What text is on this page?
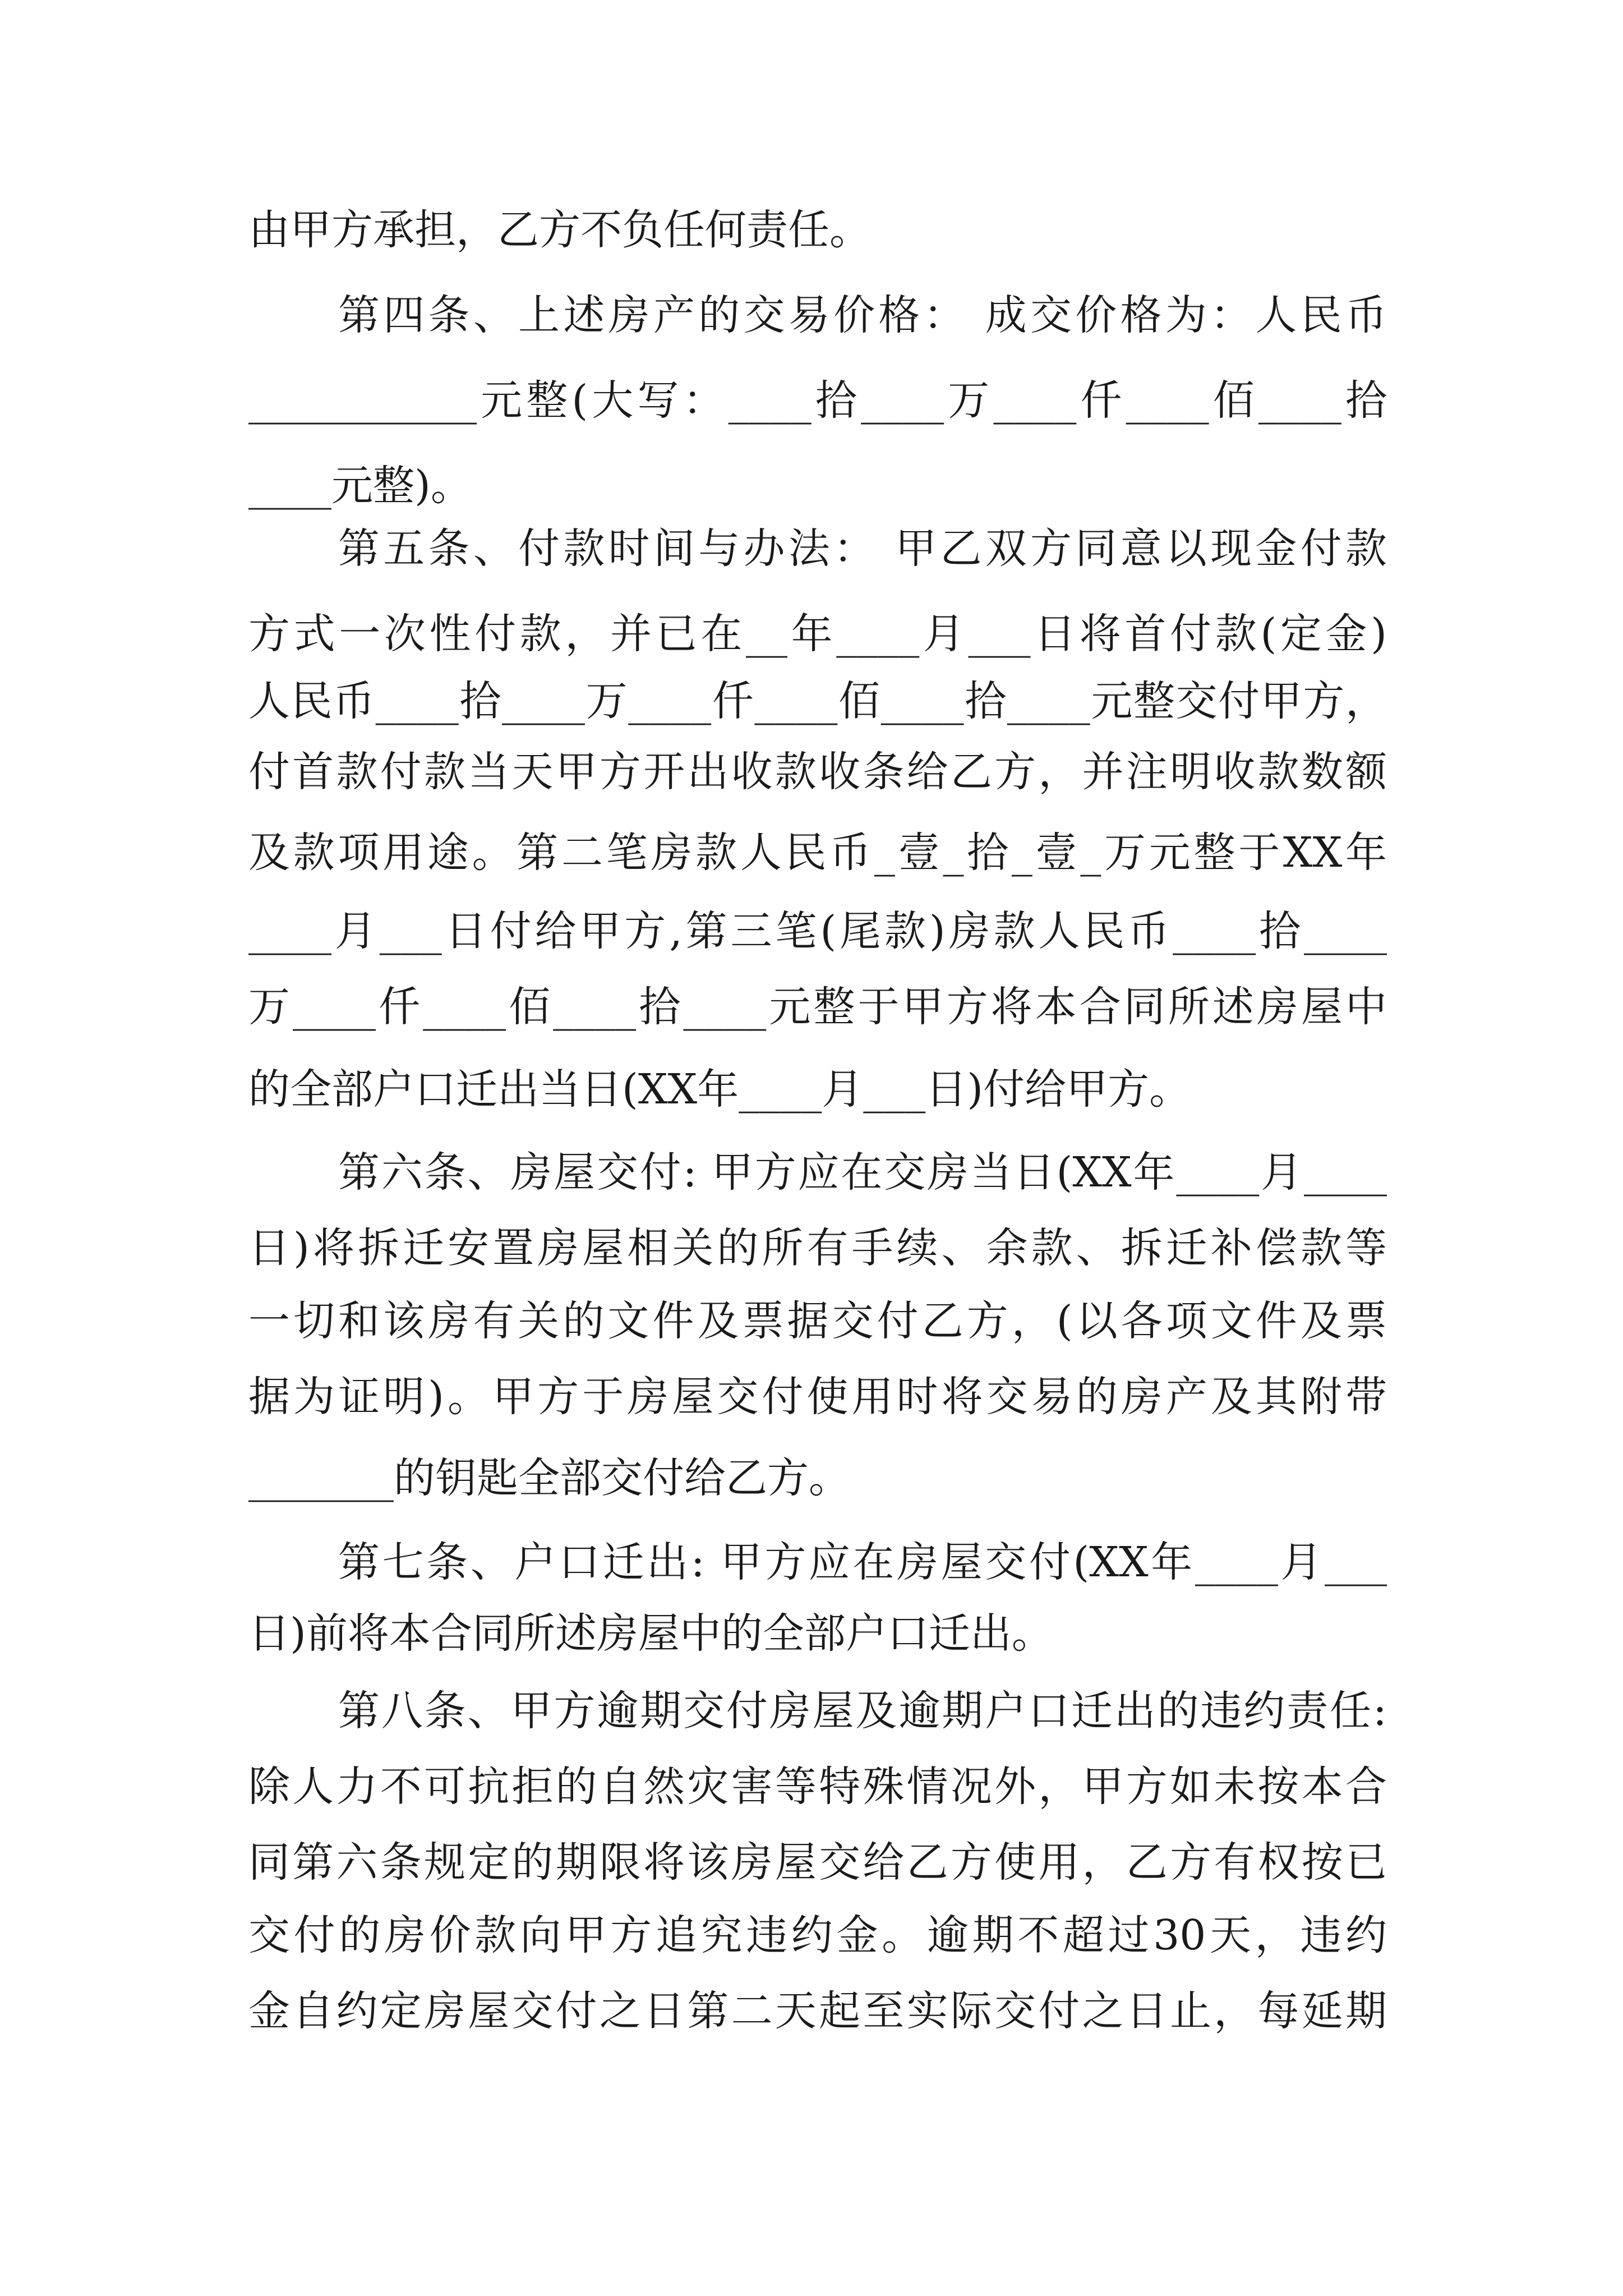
由甲方承担，乙方不负任何责任。
第四条、上述房产的交易价格： 成交价格为：人民币
___________元整(大写：____拾____万____仟____佰____拾
____元整)。
第五条、付款时间与办法： 甲乙双方同意以现金付款
方式一次性付款，并已在__年____月___日将首付款(定金)
人民币____拾____万____仟____佰____拾____元整交付甲方，
付首款付款当天甲方开出收款收条给乙方，并注明收款数额
及款项用途。第二笔房款人民币_壹_拾_壹_万元整于XX年
____月___日付给甲方,第三笔(尾款)房款人民币____拾____
万____仟____佰____拾____元整于甲方将本合同所述房屋中
的全部户口迁出当日(XX年____月___日)付给甲方。
第六条、房屋交付: 甲方应在交房当日(XX年____月____
日)将拆迁安置房屋相关的所有手续、余款、拆迁补偿款等
一切和该房有关的文件及票据交付乙方，(以各项文件及票
据为证明)。甲方于房屋交付使用时将交易的房产及其附带
_______的钥匙全部交付给乙方。
第七条、户口迁出: 甲方应在房屋交付(XX年____月___
日)前将本合同所述房屋中的全部户口迁出。
第八条、甲方逾期交付房屋及逾期户口迁出的违约责任:
除人力不可抗拒的自然灾害等特殊情况外，甲方如未按本合
同第六条规定的期限将该房屋交给乙方使用，乙方有权按已
交付的房价款向甲方追究违约金。逾期不超过30天，违约
金自约定房屋交付之日第二天起至实际交付之日止，每延期
